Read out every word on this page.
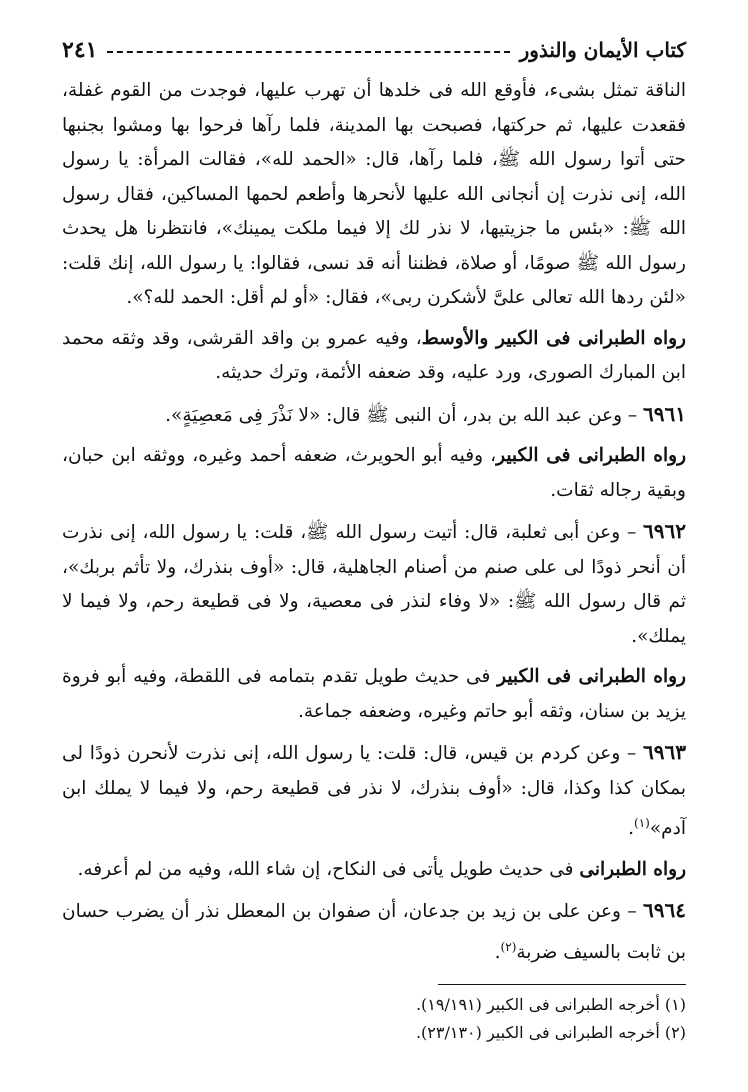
كتاب الأيمان والنذور
٢٤١

الناقة تمثل بشىء، فأوقع الله فى خلدها أن تهرب عليها، فوجدت من القوم غفلة، فقعدت عليها، ثم حركتها، فصبحت بها المدينة، فلما رآها فرحوا بها ومشوا بجنبها حتى أتوا رسول الله ﷺ، فلما رآها، قال: «الحمد لله»، فقالت المرأة: يا رسول الله، إنى نذرت إن أنجانى الله عليها لأنحرها وأطعم لحمها المساكين، فقال رسول الله ﷺ: «بئس ما جزيتيها، لا نذر لك إلا فيما ملكت يمينك»، فانتظرنا هل يحدث رسول الله ﷺ صومًا، أو صلاة، فظننا أنه قد نسى، فقالوا: يا رسول الله، إنك قلت: «لئن ردها الله تعالى علىَّ لأشكرن ربى»، فقال: «أو لم أقل: الحمد لله؟».

رواه الطبرانى فى الكبير والأوسط، وفيه عمرو بن واقد القرشى، وقد وثقه محمد ابن المبارك الصورى، ورد عليه، وقد ضعفه الأئمة، وترك حديثه.

٦٩٦١ – وعن عبد الله بن بدر، أن النبى ﷺ قال: «لا نَذْرَ فِى مَعصِيَةٍ».

رواه الطبرانى فى الكبير، وفيه أبو الحويرث، ضعفه أحمد وغيره، ووثقه ابن حبان، وبقية رجاله ثقات.

٦٩٦٢ – وعن أبى ثعلبة، قال: أتيت رسول الله ﷺ، قلت: يا رسول الله، إنى نذرت أن أنحر ذودًا لى على صنم من أصنام الجاهلية، قال: «أوف بنذرك، ولا تأثم بربك»، ثم قال رسول الله ﷺ: «لا وفاء لنذر فى معصية، ولا فى قطيعة رحم، ولا فيما لا يملك».

رواه الطبرانى فى الكبير فى حديث طويل تقدم بتمامه فى اللقطة، وفيه أبو فروة يزيد بن سنان، وثقه أبو حاتم وغيره، وضعفه جماعة.

٦٩٦٣ – وعن كردم بن قيس، قال: قلت: يا رسول الله، إنى نذرت لأنحرن ذودًا لى بمكان كذا وكذا، قال: «أوف بنذرك، لا نذر فى قطيعة رحم، ولا فيما لا يملك ابن آدم»$^{(١)}$.

رواه الطبرانى فى حديث طويل يأتى فى النكاح، إن شاء الله، وفيه من لم أعرفه.

٦٩٦٤ – وعن على بن زيد بن جدعان، أن صفوان بن المعطل نذر أن يضرب حسان بن ثابت بالسيف ضربة$^{(٢)}$.

(١) أخرجه الطبرانى فى الكبير (١٩/١٩١).
(٢) أخرجه الطبرانى فى الكبير (٢٣/١٣٠).
